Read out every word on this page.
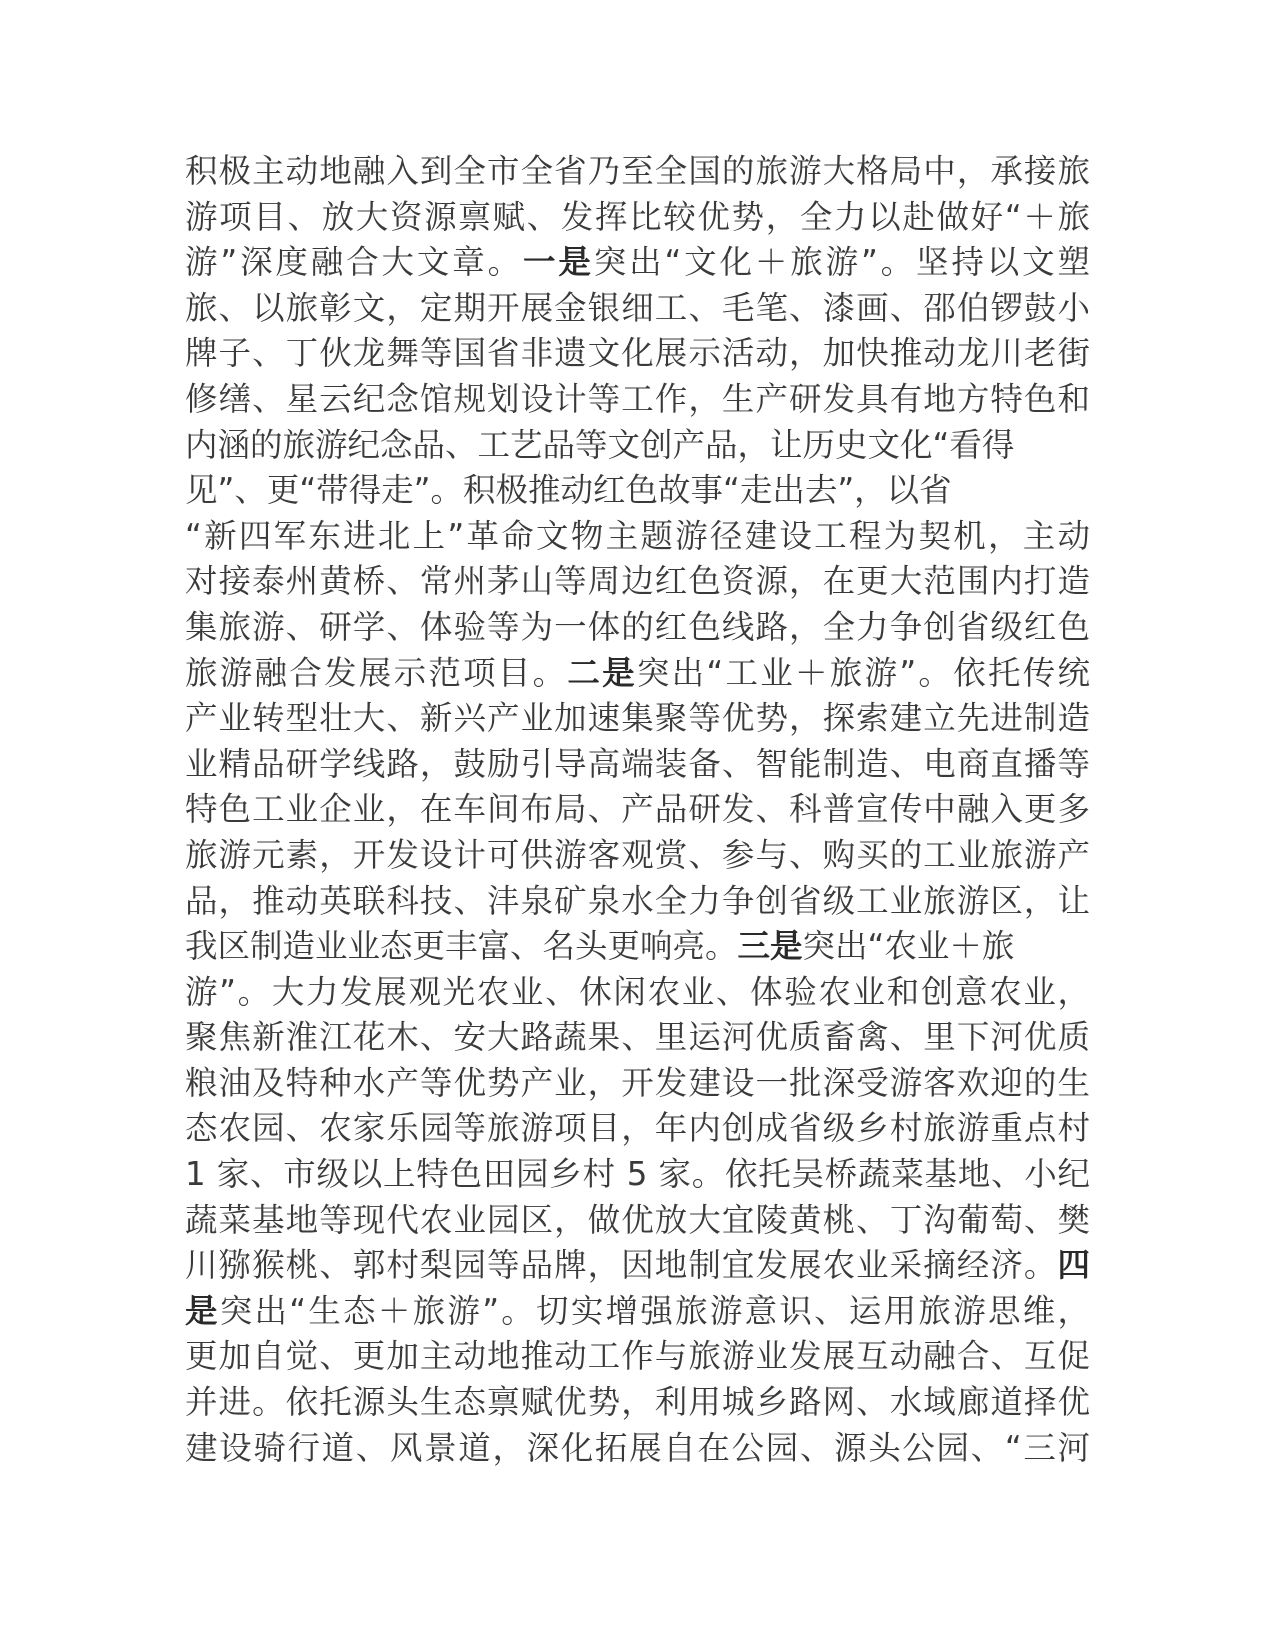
积极主动地融入到全市全省乃至全国的旅游大格局中，承接旅
游项目、放大资源禀赋、发挥比较优势，全力以赴做好“＋旅
游”深度融合大文章。一是突出“文化＋旅游”。坚持以文塑
旅、以旅彰文，定期开展金银细工、毛笔、漆画、邵伯锣鼓小
牌子、丁伙龙舞等国省非遗文化展示活动，加快推动龙川老街
修缮、星云纪念馆规划设计等工作，生产研发具有地方特色和
内涵的旅游纪念品、工艺品等文创产品，让历史文化“看得
见”、更“带得走”。积极推动红色故事“走出去”，以省
“新四军东进北上”革命文物主题游径建设工程为契机，主动
对接泰州黄桥、常州茅山等周边红色资源，在更大范围内打造
集旅游、研学、体验等为一体的红色线路，全力争创省级红色
旅游融合发展示范项目。二是突出“工业＋旅游”。依托传统
产业转型壮大、新兴产业加速集聚等优势，探索建立先进制造
业精品研学线路，鼓励引导高端装备、智能制造、电商直播等
特色工业企业，在车间布局、产品研发、科普宣传中融入更多
旅游元素，开发设计可供游客观赏、参与、购买的工业旅游产
品，推动英联科技、沣泉矿泉水全力争创省级工业旅游区，让
我区制造业业态更丰富、名头更响亮。三是突出“农业＋旅
游”。大力发展观光农业、休闲农业、体验农业和创意农业，
聚焦新淮江花木、安大路蔬果、里运河优质畜禽、里下河优质
粮油及特种水产等优势产业，开发建设一批深受游客欢迎的生
态农园、农家乐园等旅游项目，年内创成省级乡村旅游重点村
1 家、市级以上特色田园乡村 5 家。依托吴桥蔬菜基地、小纪
蔬菜基地等现代农业园区，做优放大宜陵黄桃、丁沟葡萄、樊
川猕猴桃、郭村梨园等品牌，因地制宜发展农业采摘经济。四
是突出“生态＋旅游”。切实增强旅游意识、运用旅游思维，
更加自觉、更加主动地推动工作与旅游业发展互动融合、互促
并进。依托源头生态禀赋优势，利用城乡路网、水域廊道择优
建设骑行道、风景道，深化拓展自在公园、源头公园、“三河
